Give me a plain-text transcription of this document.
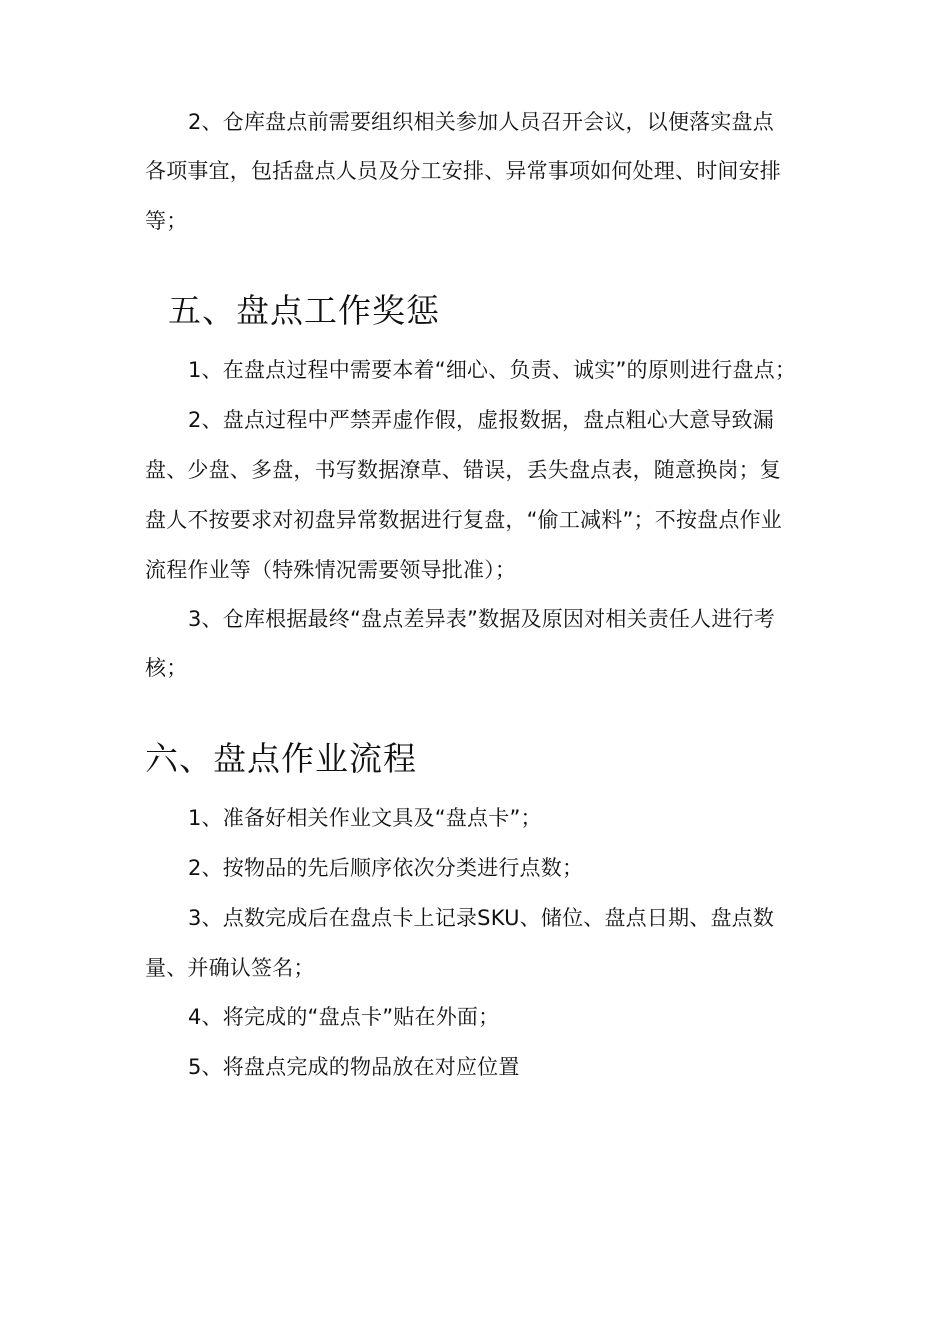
2、仓库盘点前需要组织相关参加人员召开会议，以便落实盘点
各项事宜，包括盘点人员及分工安排、异常事项如何处理、时间安排
等；
五、盘点工作奖惩
1、在盘点过程中需要本着“细心、负责、诚实”的原则进行盘点；
2、盘点过程中严禁弄虚作假，虚报数据，盘点粗心大意导致漏
盘、少盘、多盘，书写数据潦草、错误，丢失盘点表，随意换岗；复
盘人不按要求对初盘异常数据进行复盘，“偷工减料”；不按盘点作业
流程作业等（特殊情况需要领导批准）；
3、仓库根据最终“盘点差异表”数据及原因对相关责任人进行考
核；
六、盘点作业流程
1、准备好相关作业文具及“盘点卡”；
2、按物品的先后顺序依次分类进行点数；
3、点数完成后在盘点卡上记录SKU、储位、盘点日期、盘点数
量、并确认签名；
4、将完成的“盘点卡”贴在外面；
5、将盘点完成的物品放在对应位置
